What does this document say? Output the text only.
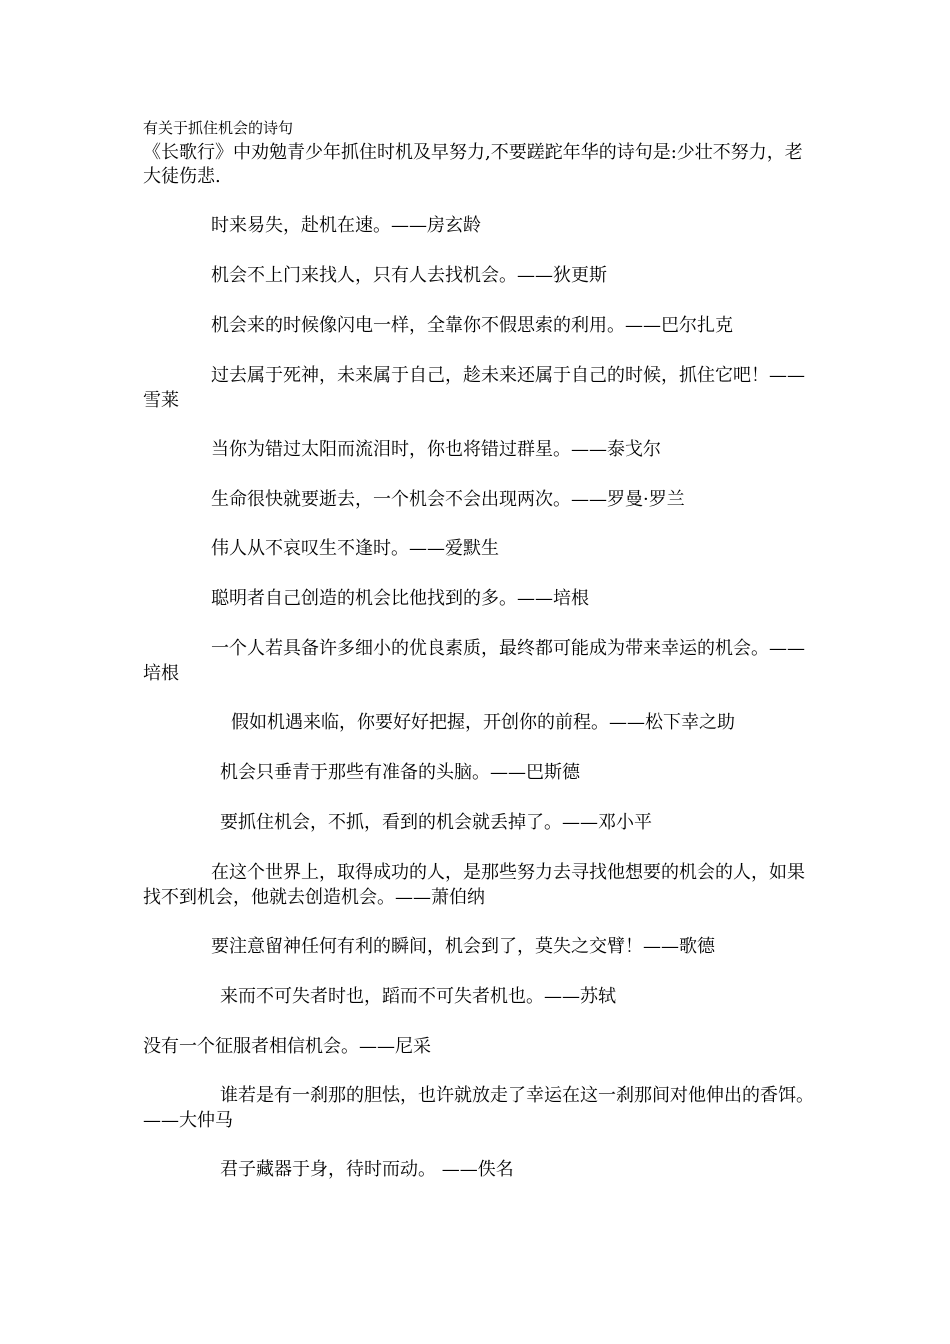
有关于抓住机会的诗句
《长歌行》中劝勉青少年抓住时机及早努力,不要蹉跎年华的诗句是:少壮不努力，老大徒伤悲.
时来易失，赴机在速。——房玄龄
机会不上门来找人，只有人去找机会。——狄更斯
机会来的时候像闪电一样，全靠你不假思索的利用。——巴尔扎克
过去属于死神，未来属于自己，趁未来还属于自己的时候，抓住它吧！——雪莱
当你为错过太阳而流泪时，你也将错过群星。——泰戈尔
生命很快就要逝去，一个机会不会出现两次。——罗曼·罗兰
伟人从不哀叹生不逢时。——爱默生
聪明者自己创造的机会比他找到的多。——培根
一个人若具备许多细小的优良素质，最终都可能成为带来幸运的机会。——培根
假如机遇来临，你要好好把握，开创你的前程。——松下幸之助
机会只垂青于那些有准备的头脑。——巴斯德
要抓住机会，不抓，看到的机会就丢掉了。——邓小平
在这个世界上，取得成功的人，是那些努力去寻找他想要的机会的人，如果找不到机会，他就去创造机会。——萧伯纳
要注意留神任何有利的瞬间，机会到了，莫失之交臂！——歌德
来而不可失者时也，蹈而不可失者机也。——苏轼
没有一个征服者相信机会。——尼采
谁若是有一刹那的胆怯，也许就放走了幸运在这一刹那间对他伸出的香饵。——大仲马
君子藏器于身，待时而动。 ——佚名
